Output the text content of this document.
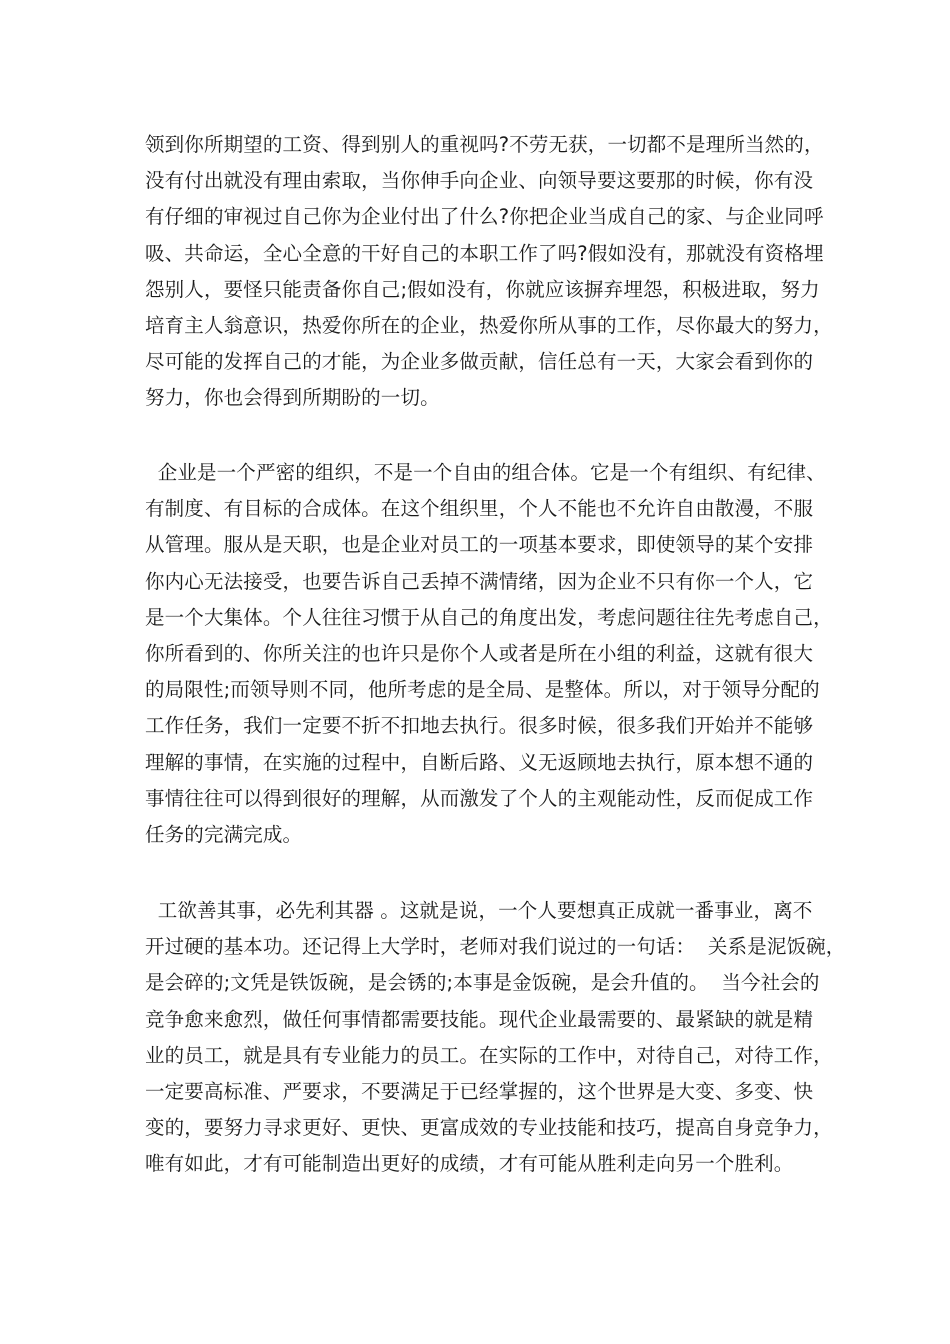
领到你所期望的工资、得到别人的重视吗?不劳无获，一切都不是理所当然的，
没有付出就没有理由索取，当你伸手向企业、向领导要这要那的时候，你有没
有仔细的审视过自己你为企业付出了什么?你把企业当成自己的家、与企业同呼
吸、共命运，全心全意的干好自己的本职工作了吗?假如没有，那就没有资格埋
怨别人，要怪只能责备你自己;假如没有，你就应该摒弃埋怨，积极进取，努力
培育主人翁意识，热爱你所在的企业，热爱你所从事的工作，尽你最大的努力，
尽可能的发挥自己的才能，为企业多做贡献，信任总有一天，大家会看到你的
努力，你也会得到所期盼的一切。
企业是一个严密的组织，不是一个自由的组合体。它是一个有组织、有纪律、
有制度、有目标的合成体。在这个组织里，个人不能也不允许自由散漫，不服
从管理。服从是天职，也是企业对员工的一项基本要求，即使领导的某个安排
你内心无法接受，也要告诉自己丢掉不满情绪，因为企业不只有你一个人，它
是一个大集体。个人往往习惯于从自己的角度出发，考虑问题往往先考虑自己，
你所看到的、你所关注的也许只是你个人或者是所在小组的利益，这就有很大
的局限性;而领导则不同，他所考虑的是全局、是整体。所以，对于领导分配的
工作任务，我们一定要不折不扣地去执行。很多时候，很多我们开始并不能够
理解的事情，在实施的过程中，自断后路、义无返顾地去执行，原本想不通的
事情往往可以得到很好的理解，从而激发了个人的主观能动性，反而促成工作
任务的完满完成。
工欲善其事，必先利其器 。这就是说，一个人要想真正成就一番事业，离不
开过硬的基本功。还记得上大学时，老师对我们说过的一句话：  关系是泥饭碗，
是会碎的;文凭是铁饭碗，是会锈的;本事是金饭碗，是会升值的。  当今社会的
竞争愈来愈烈，做任何事情都需要技能。现代企业最需要的、最紧缺的就是精
业的员工，就是具有专业能力的员工。在实际的工作中，对待自己，对待工作，
一定要高标准、严要求，不要满足于已经掌握的，这个世界是大变、多变、快
变的，要努力寻求更好、更快、更富成效的专业技能和技巧，提高自身竞争力，
唯有如此，才有可能制造出更好的成绩，才有可能从胜利走向另一个胜利。
